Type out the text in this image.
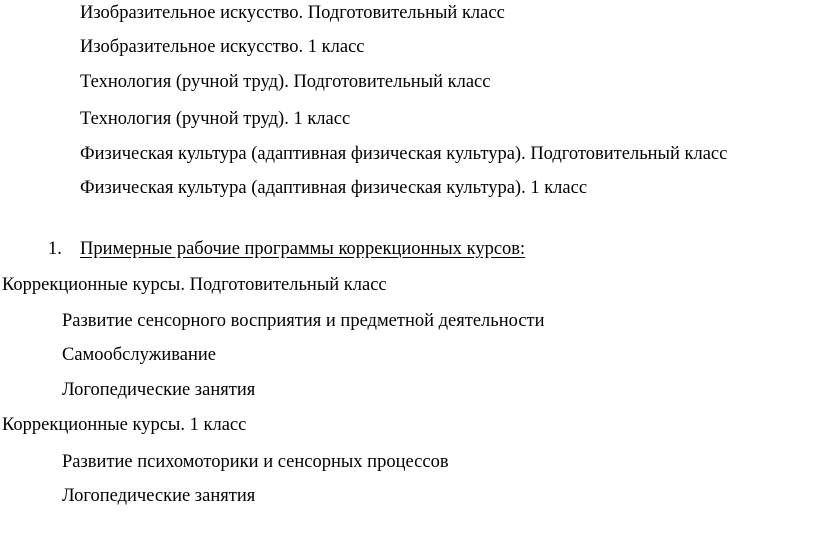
Изобразительное искусство. Подготовительный класс
Изобразительное искусство. 1 класс
Технология (ручной труд). Подготовительный класс
Технология (ручной труд). 1 класс
Физическая культура (адаптивная физическая культура). Подготовительный класс
Физическая культура (адаптивная физическая культура). 1 класс
1. Примерные рабочие программы коррекционных курсов:
Коррекционные курсы. Подготовительный класс
Развитие сенсорного восприятия и предметной деятельности
Самообслуживание
Логопедические занятия
Коррекционные курсы. 1 класс
Развитие психомоторики и сенсорных процессов
Логопедические занятия
